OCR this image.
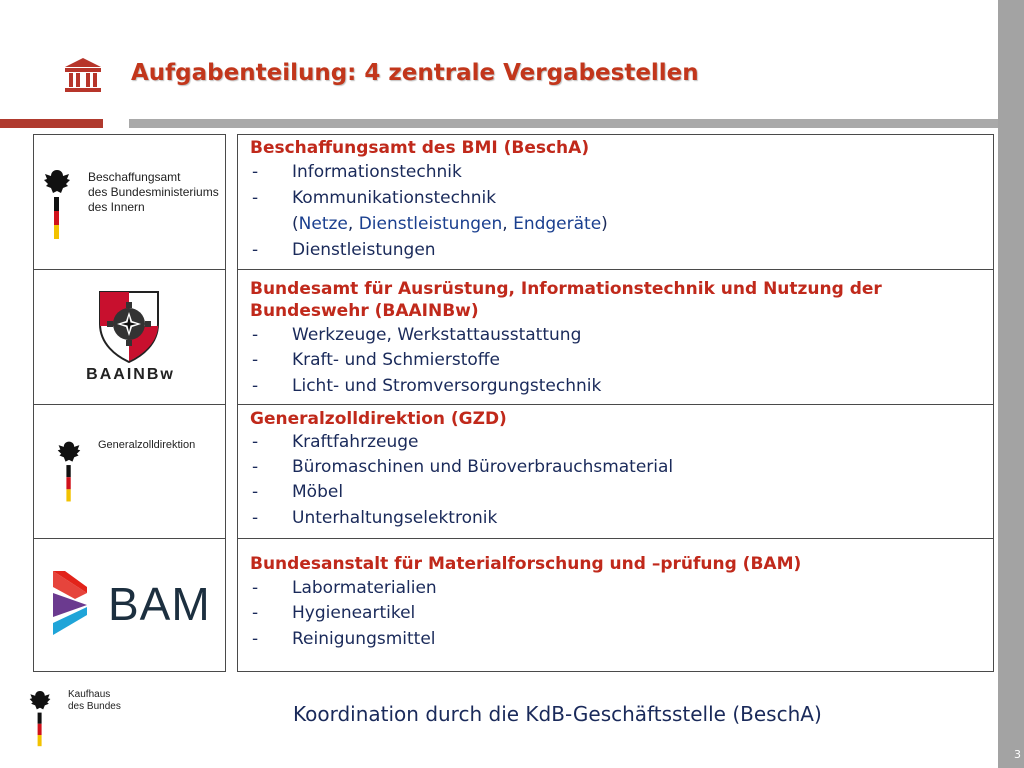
3
Aufgabenteilung: 4 zentrale Vergabestellen
Beschaffungsamt
des Bundesministeriums
des Innern
Beschaffungsamt des BMI (BeschA)
- Informationstechnik
- Kommunikationstechnik
(Netze, Dienstleistungen, Endgeräte)
- Dienstleistungen
BAAINBw
Bundesamt für Ausrüstung, Informationstechnik und Nutzung der Bundeswehr (BAAINBw)
- Werkzeuge, Werkstattausstattung
- Kraft- und Schmierstoffe
- Licht- und Stromversorgungstechnik
Generalzolldirektion
Generalzolldirektion (GZD)
- Kraftfahrzeuge
- Büromaschinen und Büroverbrauchsmaterial
- Möbel
- Unterhaltungselektronik
BAM
Bundesanstalt für Materialforschung und –prüfung (BAM)
- Labormaterialien
- Hygieneartikel
- Reinigungsmittel
Kaufhaus
des Bundes	Koordination durch die KdB-Geschäftsstelle (BeschA)
